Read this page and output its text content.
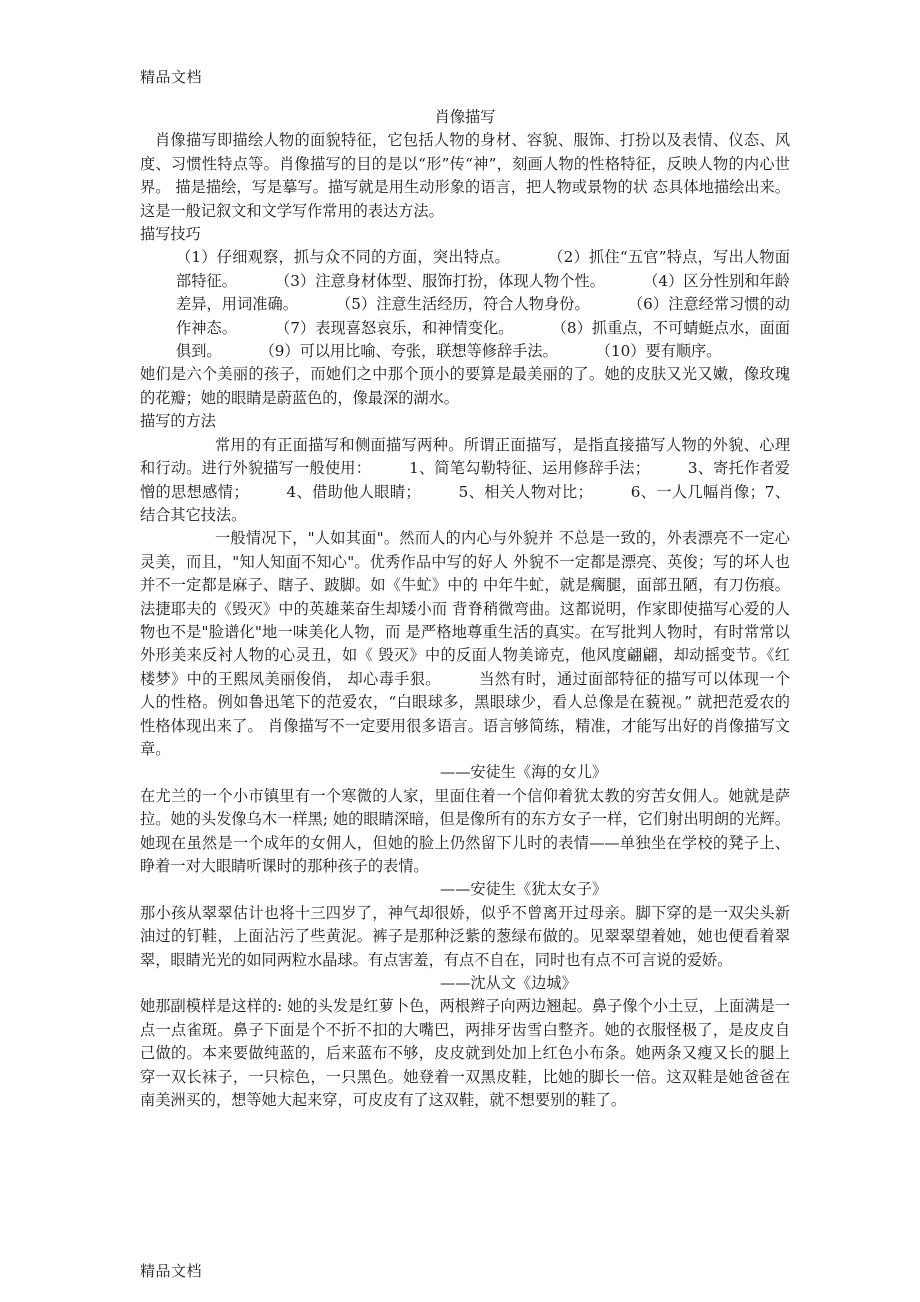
精品文档

肖像描写

肖像描写即描绘人物的面貌特征，它包括人物的身材、容貌、服饰、打扮以及表情、仪态、风度、习惯性特点等。肖像描写的目的是以“形”传“神”，刻画人物的性格特征，反映人物的内心世界。 描是描绘，写是摹写。描写就是用生动形象的语言，把人物或景物的状 态具体地描绘出来。这是一般记叙文和文学写作常用的表达方法。

描写技巧

（1）仔细观察，抓与众不同的方面，突出特点。	（2）抓住“五官”特点，写出人物面部特征。	（3）注意身材体型、服饰打扮，体现人物个性。	（4）区分性别和年龄差异，用词准确。	（5）注意生活经历，符合人物身份。	（6）注意经常习惯的动作神态。	（7）表现喜怒哀乐，和神情变化。	（8）抓重点，不可蜻蜓点水，面面俱到。	（9）可以用比喻、夸张，联想等修辞手法。	（10）要有顺序。

她们是六个美丽的孩子，而她们之中那个顶小的要算是最美丽的了。她的皮肤又光又嫩，像玫瑰的花瓣；她的眼睛是蔚蓝色的，像最深的湖水。

描写的方法

常用的有正面描写和侧面描写两种。所谓正面描写，是指直接描写人物的外貌、心理和行动。进行外貌描写一般使用：	1、简笔勾勒特征、运用修辞手法；	3、寄托作者爱憎的思想感情；	4、借助他人眼睛；	5、相关人物对比；	6、一人几幅肖像；7、结合其它技法。

一般情况下，"人如其面"。然而人的内心与外貌并 不总是一致的，外表漂亮不一定心灵美，而且，"知人知面不知心"。优秀作品中写的好人 外貌不一定都是漂亮、英俊；写的坏人也并不一定都是麻子、瞎子、跛脚。如《牛虻》中的 中年牛虻，就是瘸腿，面部丑陋，有刀伤痕。法捷耶夫的《毁灭》中的英雄莱奋生却矮小而 背脊稍微弯曲。这都说明，作家即使描写心爱的人物也不是"脸谱化"地一味美化人物，而 是严格地尊重生活的真实。在写批判人物时，有时常常以外形美来反衬人物的心灵丑，如《 毁灭》中的反面人物美谛克，他风度翩翩，却动摇变节。《红楼梦》中的王熙凤美丽俊俏， 却心毒手狠。	当然有时，通过面部特征的描写可以体现一个人的性格。例如鲁迅笔下的范爱农，“白眼球多，黑眼球少，看人总像是在藐视。” 就把范爱农的性格体现出来了。 肖像描写不一定要用很多语言。语言够简练，精准，才能写出好的肖像描写文章。

——安徒生《海的女儿》

在尤兰的一个小市镇里有一个寒微的人家，里面住着一个信仰着犹太教的穷苦女佣人。她就是萨拉。她的头发像乌木一样黑; 她的眼睛深暗，但是像所有的东方女子一样，它们射出明朗的光辉。她现在虽然是一个成年的女佣人，但她的脸上仍然留下儿时的表情——单独坐在学校的凳子上、睁着一对大眼睛听课时的那种孩子的表情。

——安徒生《犹太女子》

那小孩从翠翠估计也将十三四岁了，神气却很娇，似乎不曾离开过母亲。脚下穿的是一双尖头新油过的钉鞋，上面沾污了些黄泥。裤子是那种泛紫的葱绿布做的。见翠翠望着她，她也便看着翠翠，眼睛光光的如同两粒水晶球。有点害羞，有点不自在，同时也有点不可言说的爱娇。

——沈从文《边城》

她那副模样是这样的: 她的头发是红萝卜色，两根辫子向两边翘起。鼻子像个小土豆，上面满是一点一点雀斑。鼻子下面是个不折不扣的大嘴巴，两排牙齿雪白整齐。她的衣服怪极了，是皮皮自己做的。本来要做纯蓝的，后来蓝布不够，皮皮就到处加上红色小布条。她两条又瘦又长的腿上穿一双长袜子，一只棕色，一只黑色。她登着一双黑皮鞋，比她的脚长一倍。这双鞋是她爸爸在南美洲买的，想等她大起来穿，可皮皮有了这双鞋，就不想要别的鞋了。

精品文档
